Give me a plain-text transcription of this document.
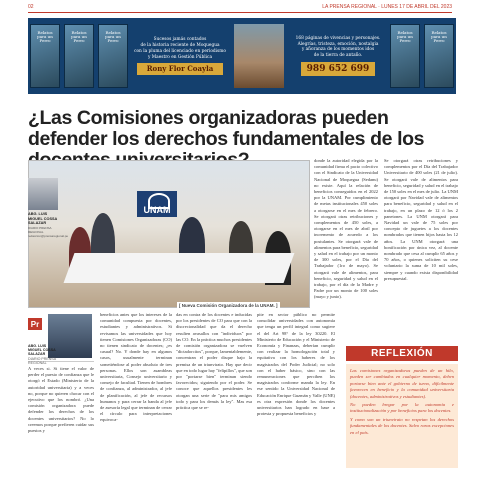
02	LA PRENSA REGIONAL · LUNES 17 DE ABRIL DEL 2023
Relatos para un Perro
Relatos para un Perro
Relatos para un Perro	Sucesos jamás contados
de la historia reciente de Moquegua
con la pluma del licenciado en periodismo
y Maestro en Gestión Pública
Rony Flor Coayla
168 páginas de vivencias y personajes.
Alegrías, tristeza, emoción, nostalgia
y añoranza de los momentos idos
de la tierra de antaño.
989 652 699
Relatos para un Perro
Relatos para un Perro
¿Las Comisiones organizadoras pueden defender los derechos fundamentales de los
UNAM
[ Nueva Comisión Organizadora de la UNAM. ]
ABG. LUIS MIGUEL COSSA SALAZAR
DIARIO PRENSA REGIONAL
redaccion@prensaregional.pe
donde la autoridad elegida por la comunidad firma el pacto colectivo con el Sindicato de la Universidad Nacional de Moquegua (Sedanu) no existe. Aquí la relación de beneficios conseguidos en el 2022 por la UNAM. Por cumplimiento de metas institucionales 450 soles a otorgarse en el mes de febrero. Se otorgará otras retribuciones y complementos de 450 soles, a otorgarse en el mes de abril por incremento de acuerdo a los postulantes. Se otorgará vale de alimentos para beneficio, seguridad y salud en el trabajo por un monto de 300 soles, por el Día del Trabajador (1ro de mayo). Se otorgará vale de alimentos, para beneficio, seguridad y salud en el trabajo, por el día de la Madre y Padre por un monto de 100 soles (mayo y junio).
Se otorgará otras retribuciones y complementos por el Día del Trabajador Universitario de 400 soles (21 de julio). Se otorgará vale de alimentos para beneficio, seguridad y salud en el trabajo de 150 soles en el mes de julio. La UNM otorgará por Navidad vale de alimentos para beneficio, seguridad y salud en el trabajo, en un plazo de 12 ó los 2 panetones. La UNM otorgará para Navidad un vale de 75 soles por concepto de juguetes a los docentes nombrados que tienen hijos hasta los 12 años. La UNM otorgará una bonificación por única vez, al docente nombrado que cesa al cumplir 65 años y 70 años, o quienes soliciten su cese voluntario la suma de 10 mil soles, siempre y cuando exista disponibilidad presupuestal.
Pr
ABG. LUIS MIGUEL COSSA SALAZAR
DIARIO PRENSA REGIONAL
A veces si. Si tiene el valor de perder el puesto de confianza que le otorgó el Estado (Ministerio de la autoridad universitaria) y a veces no, porque no quieren chocar con el ejecutivo que los nombró. ¿Una comisión organizadora puede defender los derechos de los docentes universitarios? No lo creemos porque prefieren cuidar sus puestos y
beneficios antes que los intereses de la comunidad compuesta por docentes, estudiantes y administrativos. Si revisamos las universidades que hoy tienen Comisiones Organizadoras (CO) no tienen sindicato de docentes; ¿es casual? No. Y donde hay en algunos casos, usualmente terminan sometiéndose al poder absoluto de tres personas. Ellos son asambleas universitaria, Consejo universitario y consejo de facultad. Tienen de hombres de confianza, al administrador, al jefe de planificación, al jefe de recursos humanos y para cerrar la banda al jefe de asesoría legal que terminan de cerrar el círculo para interpretaciones equivoca-
das en contra de los docentes e inducidas por los presidentes de CO para que con la discrecionalidad que da el derecho resulten avasallos con "individuos" por las CO. En la práctica muchos presidentes de comisión organizadora se vuelven "dictadorcitos", porque, lamentablemente, concentran el poder disque bajo la premisa de un triunvirato. Hay que decir que en todo lugar hay "felipillos", que son por "portarse bien" terminan siendo favorecidos; siguiendo por el poder. Se conoce que aquellos presidentes les otorgan una serie de "para mis amigos todo y para los demás la ley". Mas esa práctica que se re-
pite en sector público no permite consolidar universidades con autonomía que tenga un perfil integral como sugiere el del Art 98° de la ley 30220. El Ministerio de Educación y el Ministerio de Economía y Finanzas, deberían cumplir con realizar la homologación total y equitativa con los haberes de los magistrados del Poder Judicial; no solo con el haber básico, sino con las remuneraciones que perciben los magistrados conforme manda la ley. En ese sentido la Universidad Nacional de Educación Enrique Guzmán y Valle (UNE) es otra expresión donde los docentes universitarios han logrado en base a protesta y propuesta beneficios y
REFLEXIÓN

Las comisiones organizadoras pueden de un hilo, pueden ser cambiados en cualquier momento, deben portarse bien ante el gobierno de turno, difícilmente favorecen en beneficio y la comunidad universitaria (docentes, administrativos y estudiantes).

No pueden bregar por la autonomía e institucionalización y por beneficios para los docentes.

Y como son un triunvirato no respetan los derechos fundamentales de los docentes. Salvo raras excepciones en el país.
